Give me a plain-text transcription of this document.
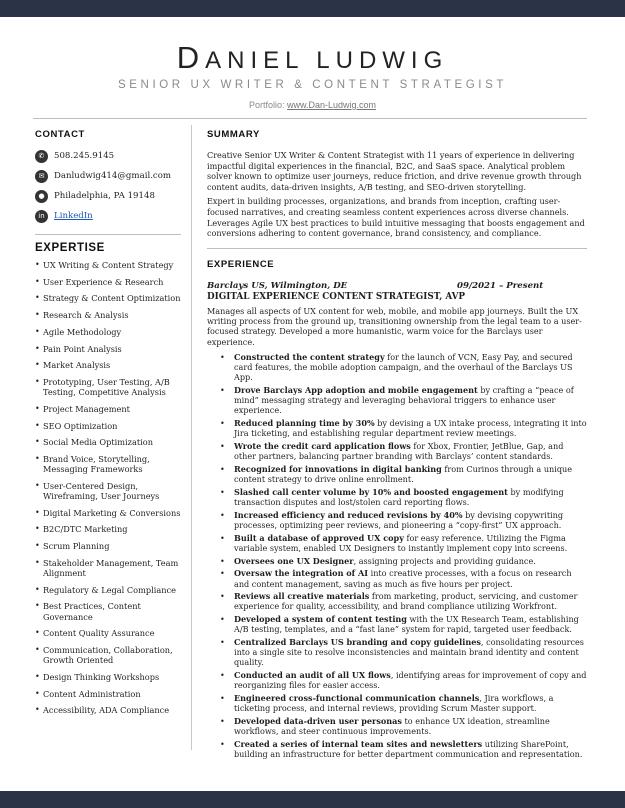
DANIEL LUDWIG
SENIOR UX WRITER & CONTENT STRATEGIST
Portfolio: www.Dan-Ludwig.com
CONTACT
✆	508.245.9145
✉	Danludwig414@gmail.com
●	Philadelphia, PA 19148
in	LinkedIn
EXPERTISE
• UX Writing & Content Strategy
• User Experience & Research
• Strategy & Content Optimization
• Research & Analysis
• Agile Methodology
• Pain Point Analysis
• Market Analysis
• Prototyping, User Testing, A/B Testing, Competitive Analysis
• Project Management
• SEO Optimization
• Social Media Optimization
• Brand Voice, Storytelling, Messaging Frameworks
• User-Centered Design, Wireframing, User Journeys
• Digital Marketing & Conversions
• B2C/DTC Marketing
• Scrum Planning
• Stakeholder Management, Team Alignment
• Regulatory & Legal Compliance
• Best Practices, Content Governance
• Content Quality Assurance
• Communication, Collaboration, Growth Oriented
• Design Thinking Workshops
• Content Administration
• Accessibility, ADA Compliance
SUMMARY

Creative Senior UX Writer & Content Strategist with 11 years of experience in delivering impactful digital experiences in the financial, B2C, and SaaS space. Analytical problem solver known to optimize user journeys, reduce friction, and drive revenue growth through content audits, data-driven insights, A/B testing, and SEO-driven storytelling.

Expert in building processes, organizations, and brands from inception, crafting user-focused narratives, and creating seamless content experiences across diverse channels. Leverages Agile UX best practices to build intuitive messaging that boosts engagement and conversions adhering to content governance, brand consistency, and compliance.

EXPERIENCE
Barclays US, Wilmington, DE	09/2021 – Present
DIGITAL EXPERIENCE CONTENT STRATEGIST, AVP

Manages all aspects of UX content for web, mobile, and mobile app journeys. Built the UX writing process from the ground up, transitioning ownership from the legal team to a user-focused strategy. Developed a more humanistic, warm voice for the Barclays user experience.

• Constructed the content strategy for the launch of VCN, Easy Pay, and secured card features, the mobile adoption campaign, and the overhaul of the Barclays US App.
• Drove Barclays App adoption and mobile engagement by crafting a “peace of mind” messaging strategy and leveraging behavioral triggers to enhance user experience.
• Reduced planning time by 30% by devising a UX intake process, integrating it into Jira ticketing, and establishing regular department review meetings.
• Wrote the credit card application flows for Xbox, Frontier, JetBlue, Gap, and other partners, balancing partner branding with Barclays’ content standards.
• Recognized for innovations in digital banking from Curinos through a unique content strategy to drive online enrollment.
• Slashed call center volume by 10% and boosted engagement by modifying transaction disputes and lost/stolen card reporting flows.
• Increased efficiency and reduced revisions by 40% by devising copywriting processes, optimizing peer reviews, and pioneering a “copy-first” UX approach.
• Built a database of approved UX copy for easy reference. Utilizing the Figma variable system, enabled UX Designers to instantly implement copy into screens.
• Oversees one UX Designer, assigning projects and providing guidance.
• Oversaw the integration of AI into creative processes, with a focus on research and content management, saving as much as five hours per project.
• Reviews all creative materials from marketing, product, servicing, and customer experience for quality, accessibility, and brand compliance utilizing Workfront.
• Developed a system of content testing with the UX Research Team, establishing A/B testing, templates, and a “fast lane” system for rapid, targeted user feedback.
• Centralized Barclays US branding and copy guidelines, consolidating resources into a single site to resolve inconsistencies and maintain brand identity and content quality.
• Conducted an audit of all UX flows, identifying areas for improvement of copy and reorganizing files for easier access.
• Engineered cross-functional communication channels, Jira workflows, a ticketing process, and internal reviews, providing Scrum Master support.
• Developed data-driven user personas to enhance UX ideation, streamline workflows, and steer continuous improvements.
• Created a series of internal team sites and newsletters utilizing SharePoint, building an infrastructure for better department communication and representation.
